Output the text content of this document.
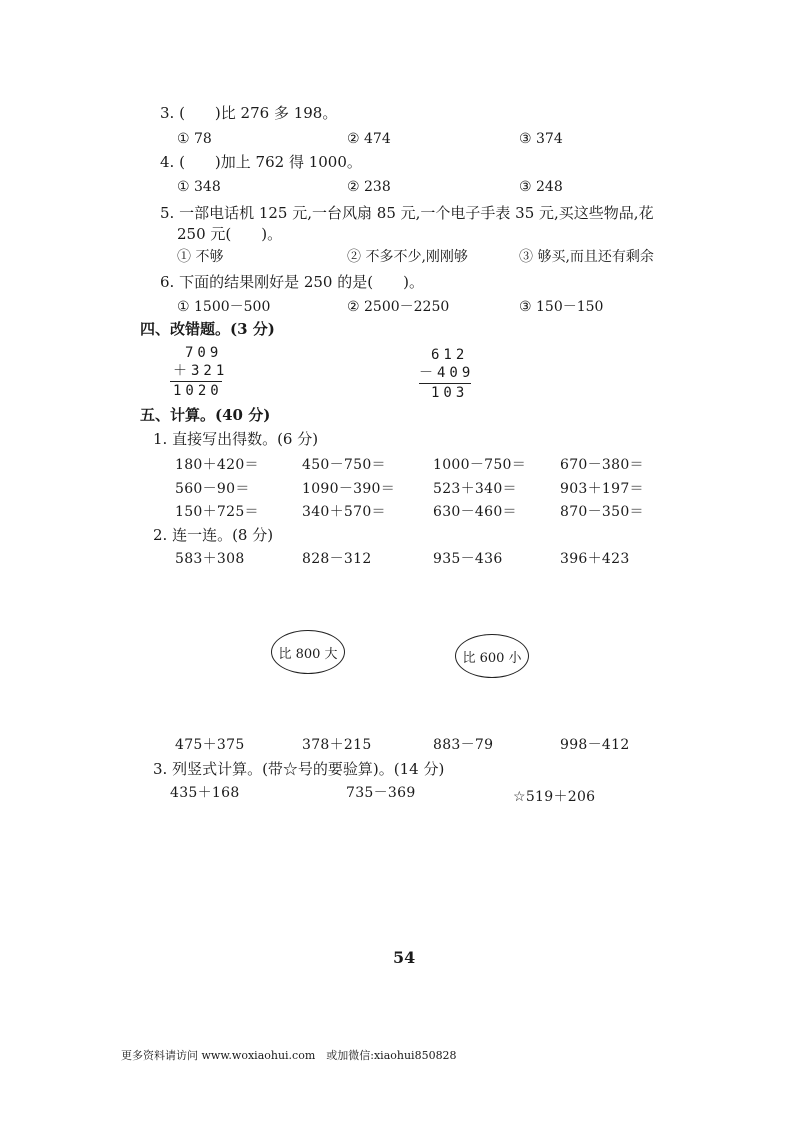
3. (　　)比 276 多 198。
① 78	② 474	③ 374
4. (　　)加上 762 得 1000。
① 348	② 238	③ 248
5. 一部电话机 125 元,一台风扇 85 元,一个电子手表 35 元,买这些物品,花
250 元(　　)。
① 不够	② 不多不少,刚刚够	③ 够买,而且还有剩余
6. 下面的结果刚好是 250 的是(　　)。
① 1500－500	② 2500－2250	③ 150－150
四、改错题。(3 分)
709
＋321
1020
612
－409
103
五、计算。(40 分)
1. 直接写出得数。(6 分)
180＋420＝	450－750＝	1000－750＝ 670－380＝
560－90＝	1090－390＝	523＋340＝	903＋197＝
150＋725＝	340＋570＝	630－460＝	870－350＝
2. 连一连。(8 分)
583＋308	828－312	935－436	396＋423
比 800 大	比 600 小
475＋375	378＋215	883－79	998－412
3. 列竖式计算。(带☆号的要验算)。(14 分)
435＋168	735－369	☆519＋206
54
更多资料请访问 www.woxiaohui.com　或加微信:xiaohui850828
